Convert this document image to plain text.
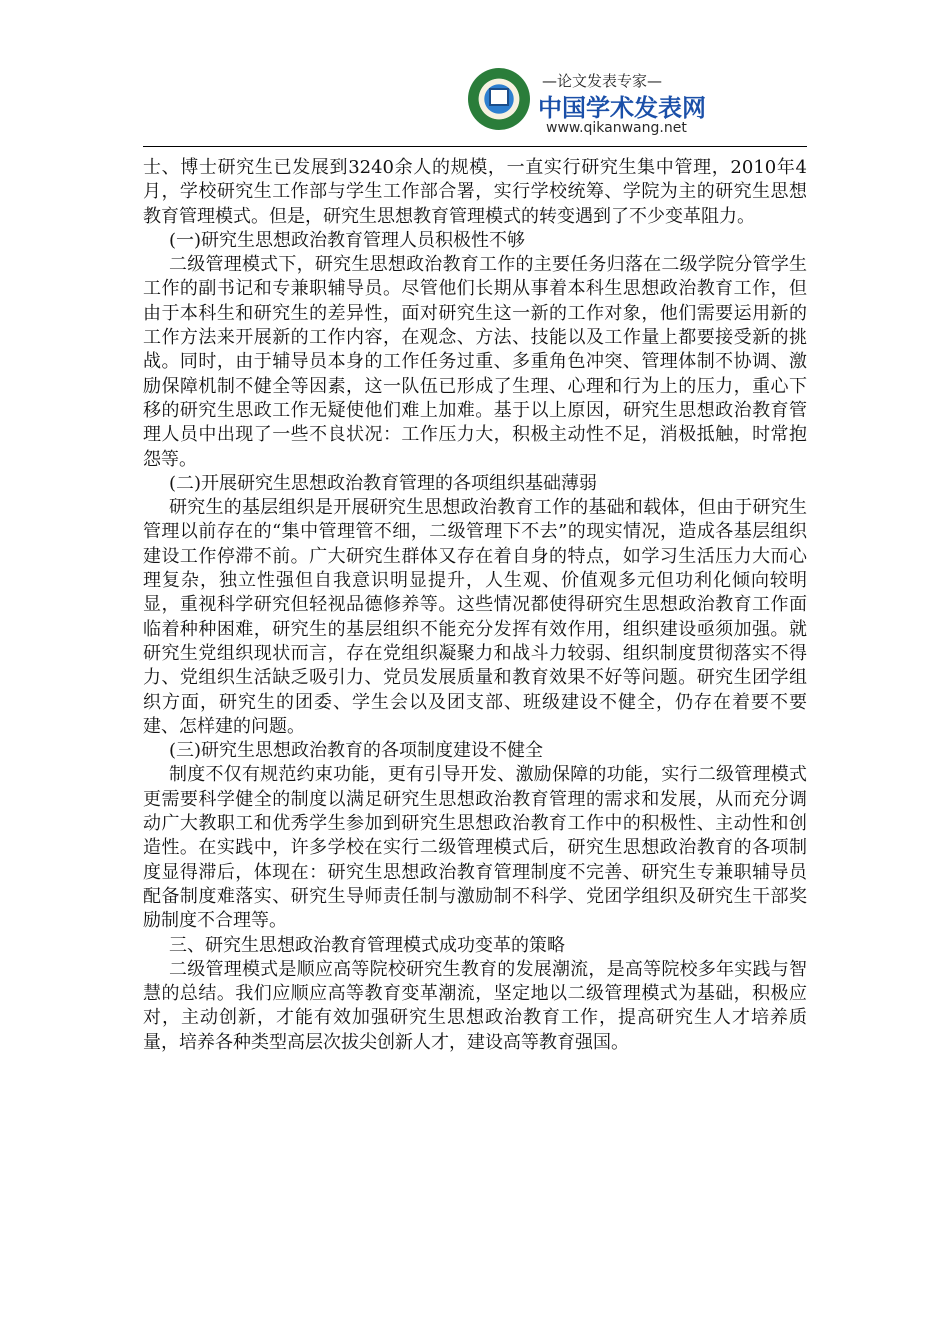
—论文发表专家—
中国学术发表网
www.qikanwang.net

士、博士研究生已发展到3240余人的规模，一直实行研究生集中管理，2010年4月，学校研究生工作部与学生工作部合署，实行学校统筹、学院为主的研究生思想教育管理模式。但是，研究生思想教育管理模式的转变遇到了不少变革阻力。

(一)研究生思想政治教育管理人员积极性不够

二级管理模式下，研究生思想政治教育工作的主要任务归落在二级学院分管学生工作的副书记和专兼职辅导员。尽管他们长期从事着本科生思想政治教育工作，但由于本科生和研究生的差异性，面对研究生这一新的工作对象，他们需要运用新的工作方法来开展新的工作内容，在观念、方法、技能以及工作量上都要接受新的挑战。同时，由于辅导员本身的工作任务过重、多重角色冲突、管理体制不协调、激励保障机制不健全等因素，这一队伍已形成了生理、心理和行为上的压力，重心下移的研究生思政工作无疑使他们难上加难。基于以上原因，研究生思想政治教育管理人员中出现了一些不良状况：工作压力大，积极主动性不足，消极抵触，时常抱怨等。

(二)开展研究生思想政治教育管理的各项组织基础薄弱

研究生的基层组织是开展研究生思想政治教育工作的基础和载体，但由于研究生管理以前存在的“集中管理管不细，二级管理下不去”的现实情况，造成各基层组织建设工作停滞不前。广大研究生群体又存在着自身的特点，如学习生活压力大而心理复杂，独立性强但自我意识明显提升，人生观、价值观多元但功利化倾向较明显，重视科学研究但轻视品德修养等。这些情况都使得研究生思想政治教育工作面临着种种困难，研究生的基层组织不能充分发挥有效作用，组织建设亟须加强。就研究生党组织现状而言，存在党组织凝聚力和战斗力较弱、组织制度贯彻落实不得力、党组织生活缺乏吸引力、党员发展质量和教育效果不好等问题。研究生团学组织方面，研究生的团委、学生会以及团支部、班级建设不健全，仍存在着要不要建、怎样建的问题。

(三)研究生思想政治教育的各项制度建设不健全

制度不仅有规范约束功能，更有引导开发、激励保障的功能，实行二级管理模式更需要科学健全的制度以满足研究生思想政治教育管理的需求和发展，从而充分调动广大教职工和优秀学生参加到研究生思想政治教育工作中的积极性、主动性和创造性。在实践中，许多学校在实行二级管理模式后，研究生思想政治教育的各项制度显得滞后，体现在：研究生思想政治教育管理制度不完善、研究生专兼职辅导员配备制度难落实、研究生导师责任制与激励制不科学、党团学组织及研究生干部奖励制度不合理等。

三、研究生思想政治教育管理模式成功变革的策略

二级管理模式是顺应高等院校研究生教育的发展潮流，是高等院校多年实践与智慧的总结。我们应顺应高等教育变革潮流，坚定地以二级管理模式为基础，积极应对，主动创新，才能有效加强研究生思想政治教育工作，提高研究生人才培养质量，培养各种类型高层次拔尖创新人才，建设高等教育强国。
